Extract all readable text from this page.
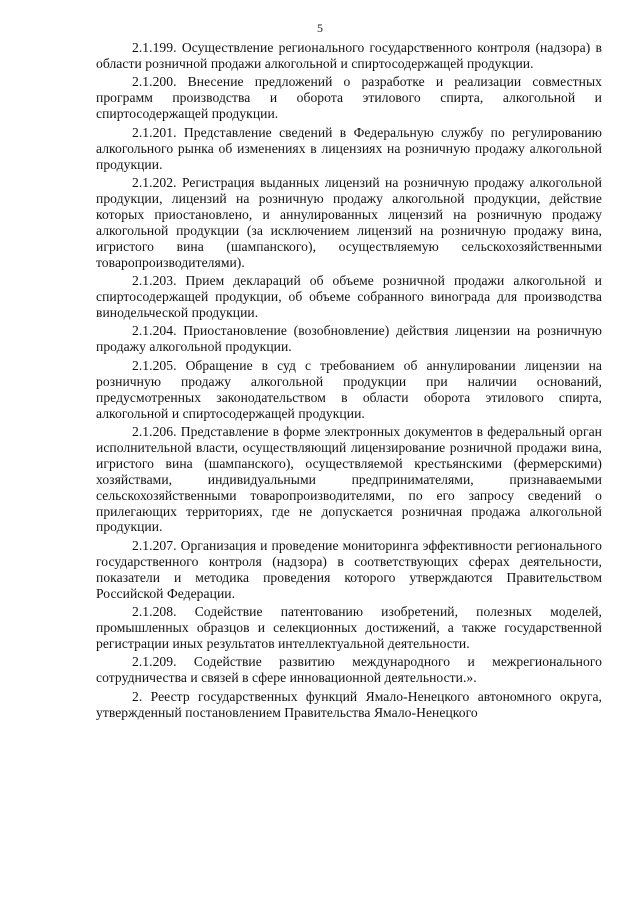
5

2.1.199. Осуществление регионального государственного контроля (надзора) в области розничной продажи алкогольной и спиртосодержащей продукции.

2.1.200. Внесение предложений о разработке и реализации совместных программ производства и оборота этилового спирта, алкогольной и спиртосодержащей продукции.

2.1.201. Представление сведений в Федеральную службу по регулированию алкогольного рынка об изменениях в лицензиях на розничную продажу алкогольной продукции.

2.1.202. Регистрация выданных лицензий на розничную продажу алкогольной продукции, лицензий на розничную продажу алкогольной продукции, действие которых приостановлено, и аннулированных лицензий на розничную продажу алкогольной продукции (за исключением лицензий на розничную продажу вина, игристого вина (шампанского), осуществляемую сельскохозяйственными товаропроизводителями).

2.1.203. Прием деклараций об объеме розничной продажи алкогольной и спиртосодержащей продукции, об объеме собранного винограда для производства винодельческой продукции.

2.1.204. Приостановление (возобновление) действия лицензии на розничную продажу алкогольной продукции.

2.1.205. Обращение в суд с требованием об аннулировании лицензии на розничную продажу алкогольной продукции при наличии оснований, предусмотренных законодательством в области оборота этилового спирта, алкогольной и спиртосодержащей продукции.

2.1.206. Представление в форме электронных документов в федеральный орган исполнительной власти, осуществляющий лицензирование розничной продажи вина, игристого вина (шампанского), осуществляемой крестьянскими (фермерскими) хозяйствами, индивидуальными предпринимателями, признаваемыми сельскохозяйственными товаропроизводителями, по его запросу сведений о прилегающих территориях, где не допускается розничная продажа алкогольной продукции.

2.1.207. Организация и проведение мониторинга эффективности регионального государственного контроля (надзора) в соответствующих сферах деятельности, показатели и методика проведения которого утверждаются Правительством Российской Федерации.

2.1.208. Содействие патентованию изобретений, полезных моделей, промышленных образцов и селекционных достижений, а также государственной регистрации иных результатов интеллектуальной деятельности.

2.1.209. Содействие развитию международного и межрегионального сотрудничества и связей в сфере инновационной деятельности.».

2. Реестр государственных функций Ямало-Ненецкого автономного округа, утвержденный постановлением Правительства Ямало-Ненецкого
